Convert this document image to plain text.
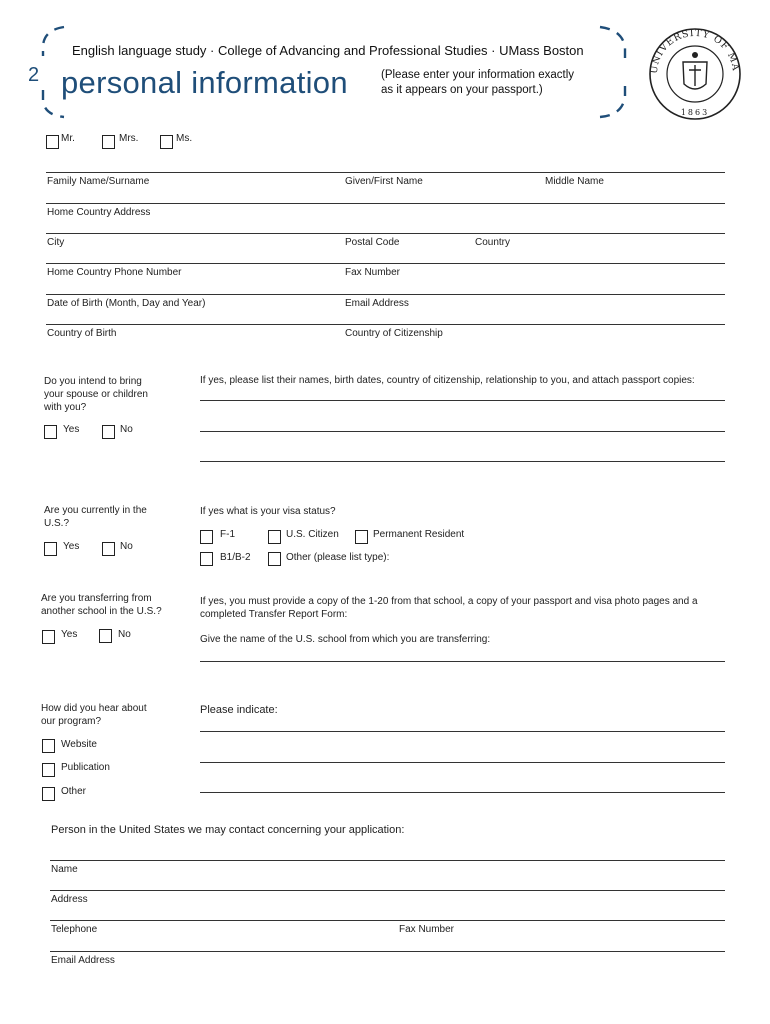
2
English language study · College of Advancing and Professional Studies · UMass Boston
personal information	(Please enter your information exactly
as it appears on your passport.)
UNIVERSITY OF MA
1863
Mr.	Mrs.	Ms.
Family Name/Surname	Given/First Name	Middle Name
Home Country Address
City	Postal Code	Country
Home Country Phone Number	Fax Number
Date of Birth (Month, Day and Year)	Email Address
Country of Birth	Country of Citizenship
Do you intend to bring
your spouse or children
with you?
Yes	No
If yes, please list their names, birth dates, country of citizenship, relationship to you, and attach passport copies:
Are you currently in the
U.S.?
Yes	No
If yes what is your visa status?
F-1	U.S. Citizen	Permanent Resident
B1/B-2	Other (please list type):
Are you transferring from
another school in the U.S.?
Yes	No
If yes, you must provide a copy of the 1-20 from that school, a copy of your passport and visa photo pages and a
completed Transfer Report Form:
Give the name of the U.S. school from which you are transferring:
How did you hear about
our program?
Please indicate:
Website
Publication
Other
Person in the United States we may contact concerning your application:
Name
Address
Telephone	Fax Number
Email Address
